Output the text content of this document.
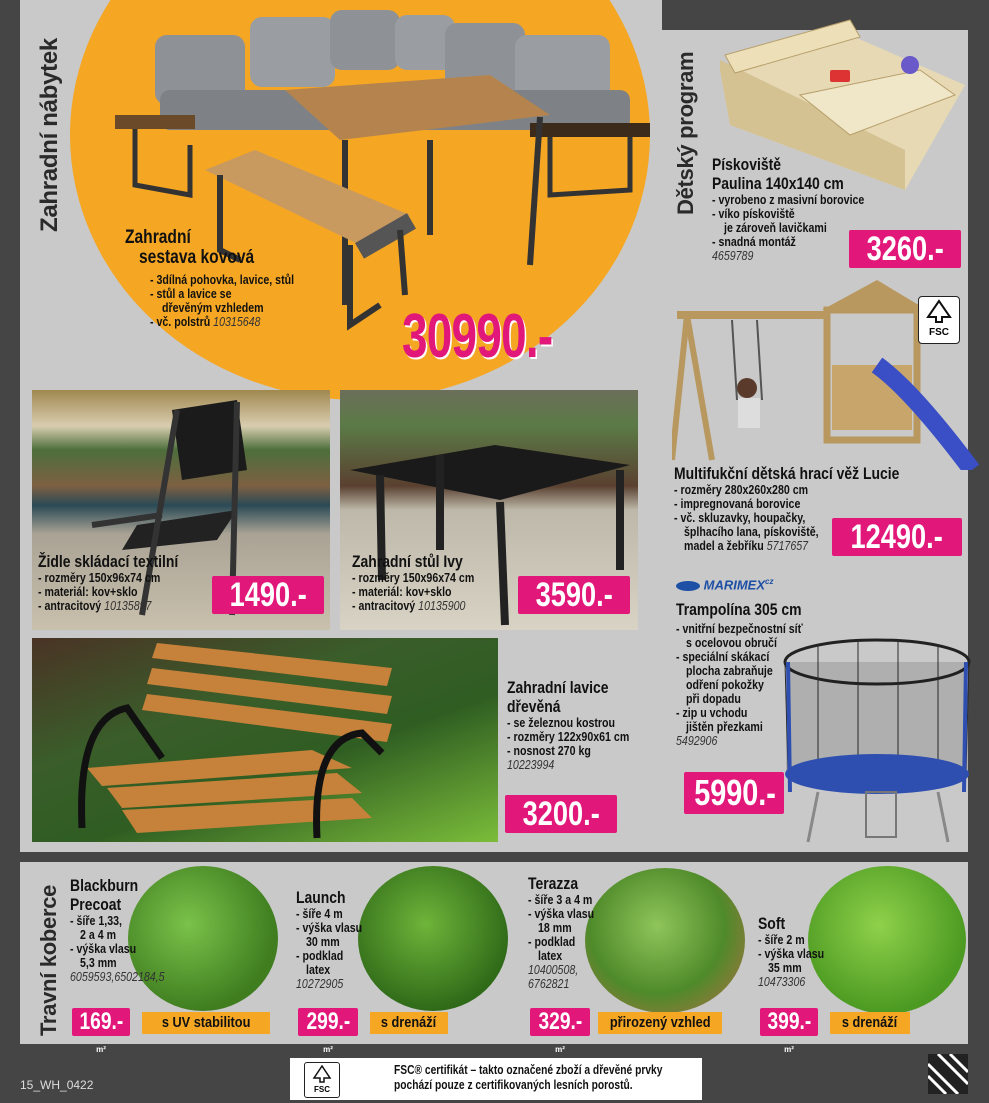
Zahradní nábytek
Zahradní
sestava kovová
- 3dílná pohovka, lavice, stůl
- stůl a lavice se
dřevěným vzhledem
- vč. polstrů 10315648	30990.-
Židle skládací textilní
- rozměry 150x96x74 cm
- materiál: kov+sklo
- antracitový 10135897	1490.-
Zahradní stůl Ivy
- rozměry 150x96x74 cm
- materiál: kov+sklo
- antracitový 10135900	3590.-
Zahradní lavice
dřevěná
- se železnou kostrou
- rozměry 122x90x61 cm
- nosnost 270 kg
10223994
3200.-
Dětský program Pískoviště
Paulina 140x140 cm
- vyrobeno z masivní borovice
- víko pískoviště
je zároveň lavičkami
- snadná montáž
4659789	3260.-
FSC
Multifukční dětská hrací věž Lucie
- rozměry 280x260x280 cm
- impregnovaná borovice
- vč. skluzavky, houpačky,
šplhacího lana, pískoviště,
madel a žebříku 5717657	12490.-
$MARIMEX^{cz}$
Trampolína 305 cm
- vnitřní bezpečnostní síť
s ocelovou obručí
- speciální skákací
plocha zabraňuje
odření pokožky
při dopadu
- zip u vchodu
jištěn přezkami
5492906
5990.-
Travní koberce Blackburn
Precoat
- šíře 1,33,
2 a 4 m
- výška vlasu
5,3 mm
6059593,6502184,5
169.-$^{m^2}$
s UV stabilitou
Launch
- šíře 4 m
- výška vlasu
30 mm
- podklad
latex
10272905
299.-$^{m^2}$
s drenáží
Terazza
- šíře 3 a 4 m
- výška vlasu
18 mm
- podklad
latex
10400508,
6762821
329.-$^{m^2}$
přirozený vzhled
Soft
- šíře 2 m
- výška vlasu
35 mm
10473306
399.-$^{m^2}$
s drenáží
15_WH_0422	FSC
FSC® certifikát – takto označené zboží a dřevěné prvky
pochází pouze z certifikovaných lesních porostů.
